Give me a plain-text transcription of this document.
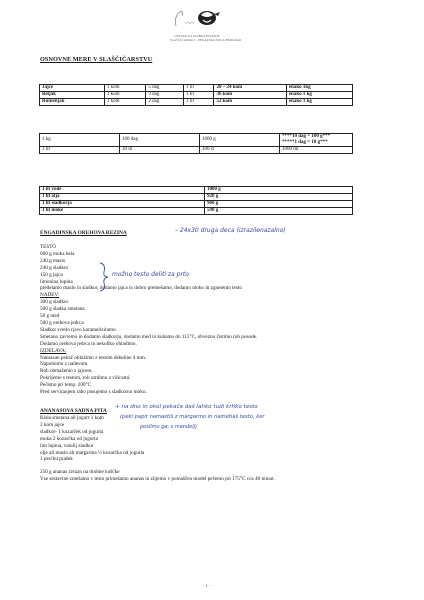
CENTAR ZA IZOBRAŽEVANJE
SLAŠČIČARSKO - PEKARSKA ŠOLA BEOGRAD
OSNOVNE MERE V SLAŠČIČARSTVU
Jajce	1 kom	5 dag	1 lit	20 – 24 kom	enako 1kg
Beljak	1 kom	3 dag	1 lit	36 kom	enako 1 kg
Rumenjak	1 kom	2 dag	1 lit	52 kom	enako 1 kg
1 kg	100 dag	1000 g	****10 dag = 100 g***
*****1 dag = 10 g***

1 lit	10 dl	100 cl	1000 ml
1 lit vode	1000 g
1 lit olja	920 g
1 lit sladkorja	960 g
1 lit moke	590 g
ENGADINSKA OREHOVA REZINA	– 24x30 druga deca (izrazilenazalno)
TESTO
600 g moka bela
240 g maslo
240 g sladkor
150 g jajca
limonina lupina
predelamo maslo in sladkor, dodamo jajca in dobro premešamo, dodamo moko in zgnetemo testo
NADEV:
300 g sladkor
500 g sladka smetana
50 g med
500 g orehova jedrca
Sladkor svetlo rjavo karameliziramo.
Smetano zavremo in dodamo sladkorju, dodamo med in kuhamo do 115°C, obvezno čistimo rob posode.
Dodamo orehova jedrca in nekoliko ohladimo.
IZDELAVA:
Namazan pekač obložimo z testom debeline 4 mm.
Napolnimo z nadevom.
Rob obmažemo z jajcem.
Pokrijemo s testom, rob utrdimo z vilicami.
Pečemo pri temp. 200°C
Pred serviranjem rabo posujemo s sladkorno moko.
možno testo deliti za prto
ANANASOVA SADNA PITA
+ na dno in okol pekača daš lahko tudi krhko testo
(peki papir namastiš z margarino in nametlaš testo, ker
posilmu ga, s mandelj)
Kisla smetana ali jogurt 1 kom
2 kom jajce
sladkor- 1 kozarček od jogurta
moka 2 kozarčka od jogurta
lim lupina, vanilij sladkor
olje ali maslo ali margarina ½ kozarčka od jogurta
1 pecilni prašek
250 g ananas zrezan na drobne koščke
Vse sestavine zmešamo v testo primešamo ananas in zlijemo v pomaščen model pečemo pri 175°C cca 40 minut.
- 1 -
